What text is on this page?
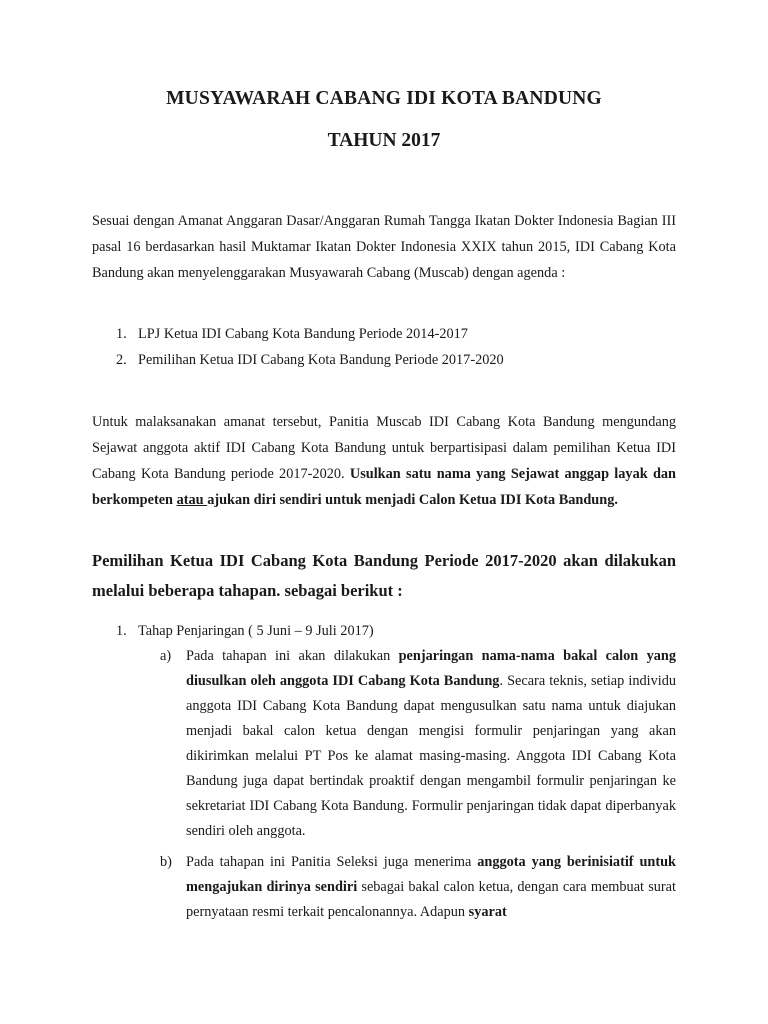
MUSYAWARAH CABANG IDI KOTA BANDUNG
TAHUN 2017
Sesuai dengan Amanat Anggaran Dasar/Anggaran Rumah Tangga Ikatan Dokter Indonesia Bagian III pasal 16 berdasarkan hasil Muktamar Ikatan Dokter Indonesia XXIX tahun 2015, IDI Cabang Kota Bandung akan menyelenggarakan Musyawarah Cabang (Muscab) dengan agenda :
1. LPJ Ketua IDI Cabang Kota Bandung Periode 2014-2017
2. Pemilihan Ketua IDI Cabang Kota Bandung Periode 2017-2020
Untuk malaksanakan amanat tersebut, Panitia Muscab IDI Cabang Kota Bandung mengundang Sejawat anggota aktif IDI Cabang Kota Bandung untuk berpartisipasi dalam pemilihan Ketua IDI Cabang Kota Bandung periode 2017-2020. Usulkan satu nama yang Sejawat anggap layak dan berkompeten atau ajukan diri sendiri untuk menjadi Calon Ketua IDI Kota Bandung.
Pemilihan Ketua IDI Cabang Kota Bandung Periode 2017-2020 akan dilakukan melalui beberapa tahapan. sebagai berikut :
1. Tahap Penjaringan ( 5 Juni – 9 Juli 2017)
a) Pada tahapan ini akan dilakukan penjaringan nama-nama bakal calon yang diusulkan oleh anggota IDI Cabang Kota Bandung. Secara teknis, setiap individu anggota IDI Cabang Kota Bandung dapat mengusulkan satu nama untuk diajukan menjadi bakal calon ketua dengan mengisi formulir penjaringan yang akan dikirimkan melalui PT Pos ke alamat masing-masing. Anggota IDI Cabang Kota Bandung juga dapat bertindak proaktif dengan mengambil formulir penjaringan ke sekretariat IDI Cabang Kota Bandung. Formulir penjaringan tidak dapat diperbanyak sendiri oleh anggota.
b) Pada tahapan ini Panitia Seleksi juga menerima anggota yang berinisiatif untuk mengajukan dirinya sendiri sebagai bakal calon ketua, dengan cara membuat surat pernyataan resmi terkait pencalonannya. Adapun syarat
